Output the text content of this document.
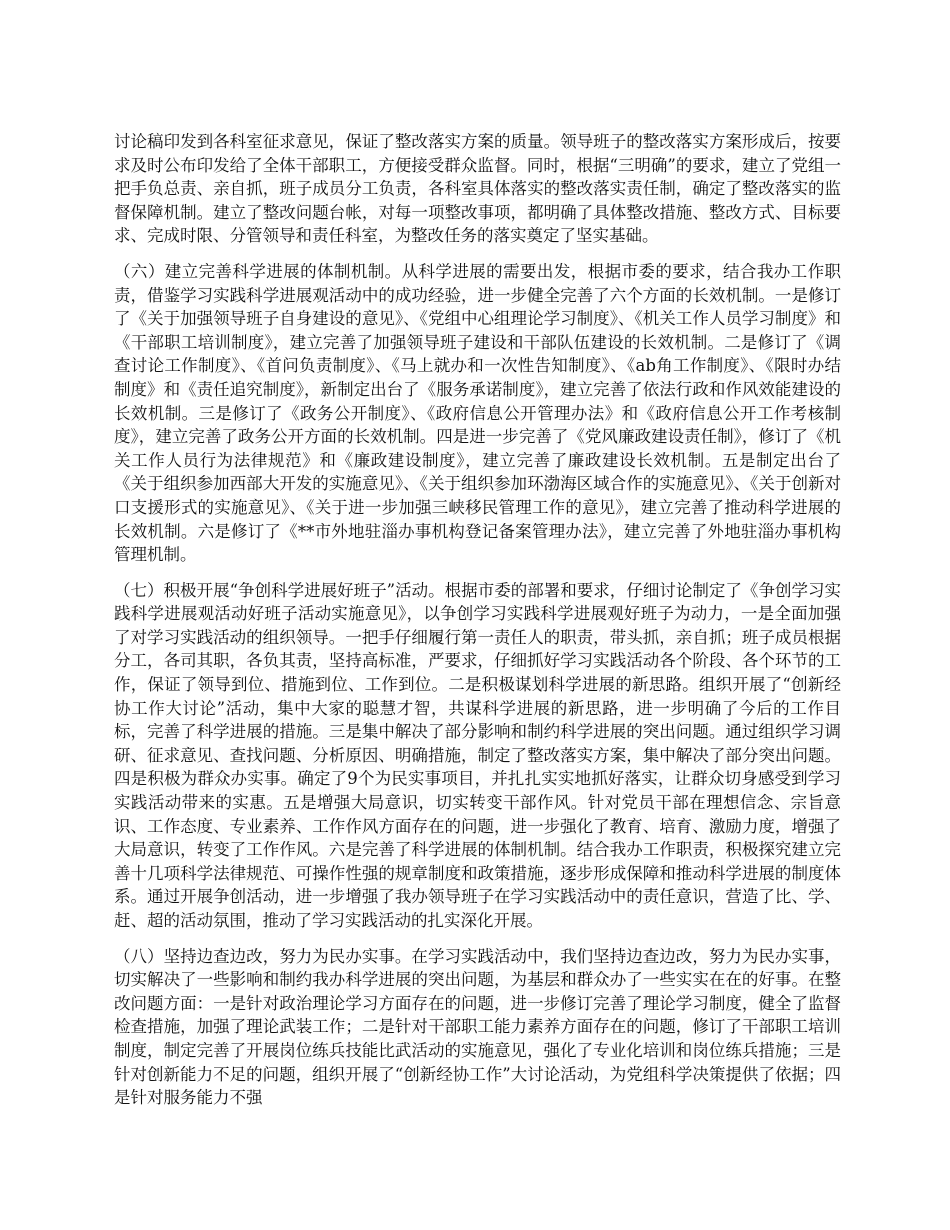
讨论稿印发到各科室征求意见，保证了整改落实方案的质量。领导班子的整改落实方案形成后，按要求及时公布印发给了全体干部职工，方便接受群众监督。同时，根据“三明确”的要求，建立了党组一把手负总责、亲自抓，班子成员分工负责，各科室具体落实的整改落实责任制，确定了整改落实的监督保障机制。建立了整改问题台帐，对每一项整改事项，都明确了具体整改措施、整改方式、目标要求、完成时限、分管领导和责任科室，为整改任务的落实奠定了坚实基础。

（六）建立完善科学进展的体制机制。从科学进展的需要出发，根据市委的要求，结合我办工作职责，借鉴学习实践科学进展观活动中的成功经验，进一步健全完善了六个方面的长效机制。一是修订了《关于加强领导班子自身建设的意见》、《党组中心组理论学习制度》、《机关工作人员学习制度》和《干部职工培训制度》，建立完善了加强领导班子建设和干部队伍建设的长效机制。二是修订了《调查讨论工作制度》、《首问负责制度》、《马上就办和一次性告知制度》、《ab角工作制度》、《限时办结制度》和《责任追究制度》，新制定出台了《服务承诺制度》，建立完善了依法行政和作风效能建设的长效机制。三是修订了《政务公开制度》、《政府信息公开管理办法》和《政府信息公开工作考核制度》，建立完善了政务公开方面的长效机制。四是进一步完善了《党风廉政建设责任制》，修订了《机关工作人员行为法律规范》和《廉政建设制度》，建立完善了廉政建设长效机制。五是制定出台了《关于组织参加西部大开发的实施意见》、《关于组织参加环渤海区域合作的实施意见》、《关于创新对口支援形式的实施意见》、《关于进一步加强三峡移民管理工作的意见》，建立完善了推动科学进展的长效机制。六是修订了《**市外地驻淄办事机构登记备案管理办法》，建立完善了外地驻淄办事机构管理机制。

（七）积极开展“争创科学进展好班子”活动。根据市委的部署和要求，仔细讨论制定了《争创学习实践科学进展观活动好班子活动实施意见》，以争创学习实践科学进展观好班子为动力，一是全面加强了对学习实践活动的组织领导。一把手仔细履行第一责任人的职责，带头抓，亲自抓；班子成员根据分工，各司其职，各负其责，坚持高标准，严要求，仔细抓好学习实践活动各个阶段、各个环节的工作，保证了领导到位、措施到位、工作到位。二是积极谋划科学进展的新思路。组织开展了“创新经协工作大讨论”活动，集中大家的聪慧才智，共谋科学进展的新思路，进一步明确了今后的工作目标，完善了科学进展的措施。三是集中解决了部分影响和制约科学进展的突出问题。通过组织学习调研、征求意见、查找问题、分析原因、明确措施，制定了整改落实方案，集中解决了部分突出问题。四是积极为群众办实事。确定了9个为民实事项目，并扎扎实实地抓好落实，让群众切身感受到学习实践活动带来的实惠。五是增强大局意识，切实转变干部作风。针对党员干部在理想信念、宗旨意识、工作态度、专业素养、工作作风方面存在的问题，进一步强化了教育、培育、激励力度，增强了大局意识，转变了工作作风。六是完善了科学进展的体制机制。结合我办工作职责，积极探究建立完善十几项科学法律规范、可操作性强的规章制度和政策措施，逐步形成保障和推动科学进展的制度体系。通过开展争创活动，进一步增强了我办领导班子在学习实践活动中的责任意识，营造了比、学、赶、超的活动氛围，推动了学习实践活动的扎实深化开展。

（八）坚持边查边改，努力为民办实事。在学习实践活动中，我们坚持边查边改，努力为民办实事，切实解决了一些影响和制约我办科学进展的突出问题，为基层和群众办了一些实实在在的好事。在整改问题方面：一是针对政治理论学习方面存在的问题，进一步修订完善了理论学习制度，健全了监督检查措施，加强了理论武装工作；二是针对干部职工能力素养方面存在的问题，修订了干部职工培训制度，制定完善了开展岗位练兵技能比武活动的实施意见，强化了专业化培训和岗位练兵措施；三是针对创新能力不足的问题，组织开展了“创新经协工作”大讨论活动，为党组科学决策提供了依据；四是针对服务能力不强
